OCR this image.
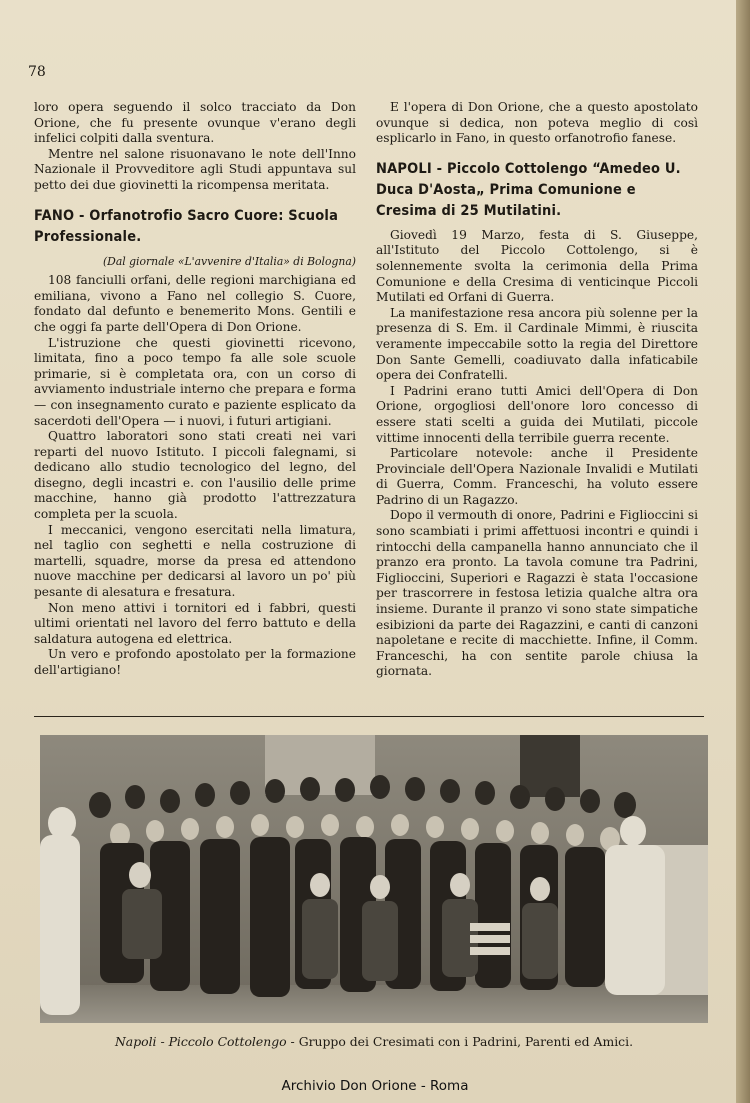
78

loro opera seguendo il solco tracciato da Don Orione, che fu presente ovunque v'erano degli infelici colpiti dalla sventura.

Mentre nel salone risuonavano le note dell'Inno Nazionale il Provveditore agli Studi appuntava sul petto dei due giovinetti la ricompensa meritata.

FANO - Orfanotrofio Sacro Cuore: Scuola Professionale.
(Dal giornale «L'avvenire d'Italia» di Bologna)

108 fanciulli orfani, delle regioni marchigiana ed emiliana, vivono a Fano nel collegio S. Cuore, fondato dal defunto e benemerito Mons. Gentili e che oggi fa parte dell'Opera di Don Orione.

L'istruzione che questi giovinetti ricevono, limitata, fino a poco tempo fa alle sole scuole primarie, si è completata ora, con un corso di avviamento industriale interno che prepara e forma — con insegnamento curato e paziente esplicato da sacerdoti dell'Opera — i nuovi, i futuri artigiani.

Quattro laboratori sono stati creati nei vari reparti del nuovo Istituto. I piccoli falegnami, si dedicano allo studio tecnologico del legno, del disegno, degli incastri e. con l'ausilio delle prime macchine, hanno già prodotto l'attrezzatura completa per la scuola.

I meccanici, vengono esercitati nella limatura, nel taglio con seghetti e nella costruzione di martelli, squadre, morse da presa ed attendono nuove macchine per dedicarsi al lavoro un po' più pesante di alesatura e fresatura.

Non meno attivi i tornitori ed i fabbri, questi ultimi orientati nel lavoro del ferro battuto e della saldatura autogena ed elettrica.

Un vero e profondo apostolato per la formazione dell'artigiano!

E l'opera di Don Orione, che a questo apostolato ovunque si dedica, non poteva meglio di così esplicarlo in Fano, in questo orfanotrofio fanese.

NAPOLI - Piccolo Cottolengo “Amedeo U. Duca D'Aosta„ Prima Comunione e Cresima di 25 Mutilatini.

Giovedì 19 Marzo, festa di S. Giuseppe, all'Istituto del Piccolo Cottolengo, si è solennemente svolta la cerimonia della Prima Comunione e della Cresima di venticinque Piccoli Mutilati ed Orfani di Guerra.

La manifestazione resa ancora più solenne per la presenza di S. Em. il Cardinale Mimmi, è riuscita veramente impeccabile sotto la regia del Direttore Don Sante Gemelli, coadiuvato dalla infaticabile opera dei Confratelli.

I Padrini erano tutti Amici dell'Opera di Don Orione, orgogliosi dell'onore loro concesso di essere stati scelti a guida dei Mutilati, piccole vittime innocenti della terribile guerra recente.

Particolare notevole: anche il Presidente Provinciale dell'Opera Nazionale Invalidi e Mutilati di Guerra, Comm. Franceschi, ha voluto essere Padrino di un Ragazzo.

Dopo il vermouth di onore, Padrini e Figlioccini si sono scambiati i primi affettuosi incontri e quindi i rintocchi della campanella hanno annunciato che il pranzo era pronto. La tavola comune tra Padrini, Figlioccini, Superiori e Ragazzi è stata l'occasione per trascorrere in festosa letizia qualche altra ora insieme. Durante il pranzo vi sono state simpatiche esibizioni da parte dei Ragazzini, e canti di canzoni napoletane e recite di macchiette. Infine, il Comm. Franceschi, ha con sentite parole chiusa la giornata.

Napoli - Piccolo Cottolengo - Gruppo dei Cresimati con i Padrini, Parenti ed Amici.
Archivio Don Orione - Roma
